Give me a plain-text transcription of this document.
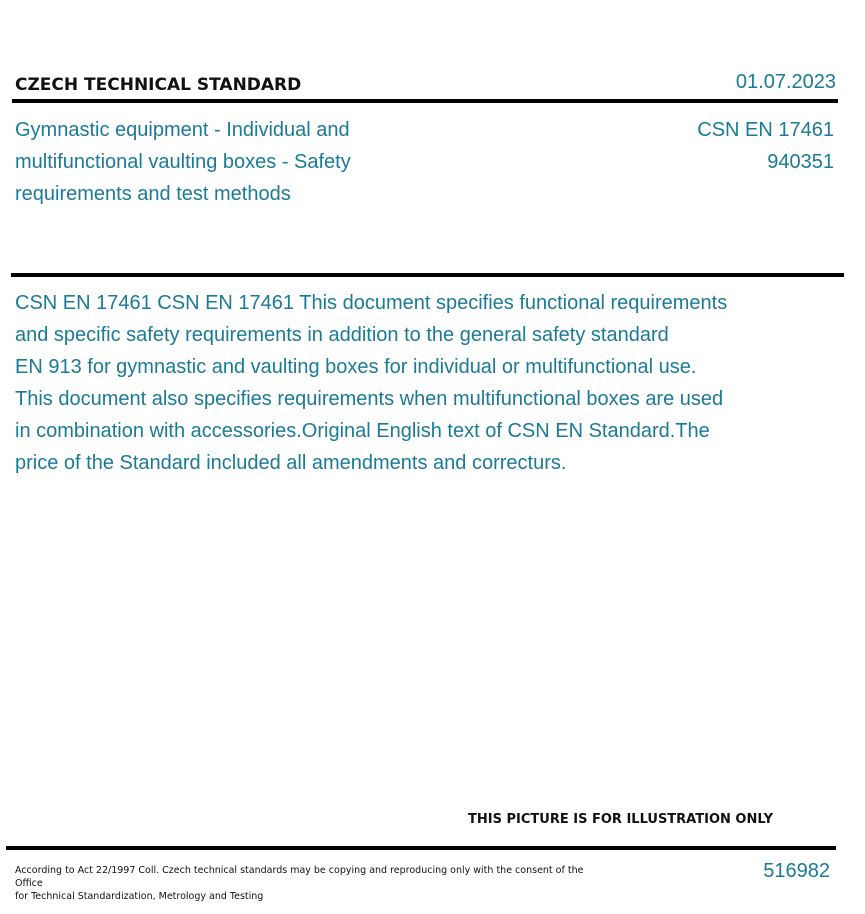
CZECH TECHNICAL STANDARD	01.07.2023
Gymnastic equipment - Individual and multifunctional vaulting boxes - Safety requirements and test methods
CSN EN 17461
940351
CSN EN 17461 CSN EN 17461 This document specifies functional requirements
and specific safety requirements in addition to the general safety standard
EN 913 for gymnastic and vaulting boxes for individual or multifunctional use.
This document also specifies requirements when multifunctional boxes are used
in combination with accessories.Original English text of CSN EN Standard.The
price of the Standard included all amendments and correcturs.
THIS PICTURE IS FOR ILLUSTRATION ONLY
According to Act 22/1997 Coll. Czech technical standards may be copying and reproducing only with the consent of the Office
for Technical Standardization, Metrology and Testing
516982
